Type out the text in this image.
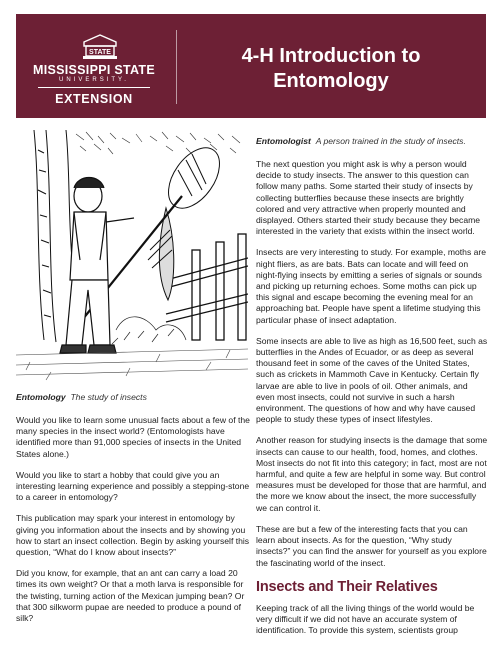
STATE
MISSISSIPPI STATE
UNIVERSITY.
EXTENSION
4-H Introduction to
Entomology

Entomology The study of insects

Would you like to learn some unusual facts about a few of the many species in the insect world? (Entomologists have identified more than 91,000 species of insects in the United States alone.)

Would you like to start a hobby that could give you an interesting learning experience and possibly a stepping-stone to a career in entomology?

This publication may spark your interest in entomology by giving you information about the insects and by showing you how to start an insect collection. Begin by asking yourself this question, “What do I know about insects?”

Did you know, for example, that an ant can carry a load 20 times its own weight? Or that a moth larva is responsible for the twisting, turning action of the Mexican jumping bean? Or that 300 silkworm pupae are needed to produce a pound of silk?

Entomologist A person trained in the study of insects.

The next question you might ask is why a person would decide to study insects. The answer to this question can follow many paths. Some started their study of insects by collecting butterflies because these insects are brightly colored and very attractive when properly mounted and displayed. Others started their study because they became interested in the variety that exists within the insect world.

Insects are very interesting to study. For example, moths are night fliers, as are bats. Bats can locate and will feed on night-flying insects by emitting a series of signals or sounds and picking up returning echoes. Some moths can pick up this signal and escape becoming the evening meal for an approaching bat. People have spent a lifetime studying this particular phase of insect adaptation.

Some insects are able to live as high as 16,500 feet, such as butterflies in the Andes of Ecuador, or as deep as several thousand feet in some of the caves of the United States, such as crickets in Mammoth Cave in Kentucky. Certain fly larvae are able to live in pools of oil. Other animals, and even most insects, could not survive in such a harsh environment. The questions of how and why have caused people to study these types of insect lifestyles.

Another reason for studying insects is the damage that some insects can cause to our health, food, homes, and clothes. Most insects do not fit into this category; in fact, most are not harmful, and quite a few are helpful in some way. But control measures must be developed for those that are harmful, and the more we know about the insect, the more successfully we can control it.

These are but a few of the interesting facts that you can learn about insects. As for the question, “Why study insects?” you can find the answer for yourself as you explore the fascinating world of the insect.

Insects and Their Relatives

Keeping track of all the living things of the world would be very difficult if we did not have an accurate system of identification. To provide this system, scientists group
